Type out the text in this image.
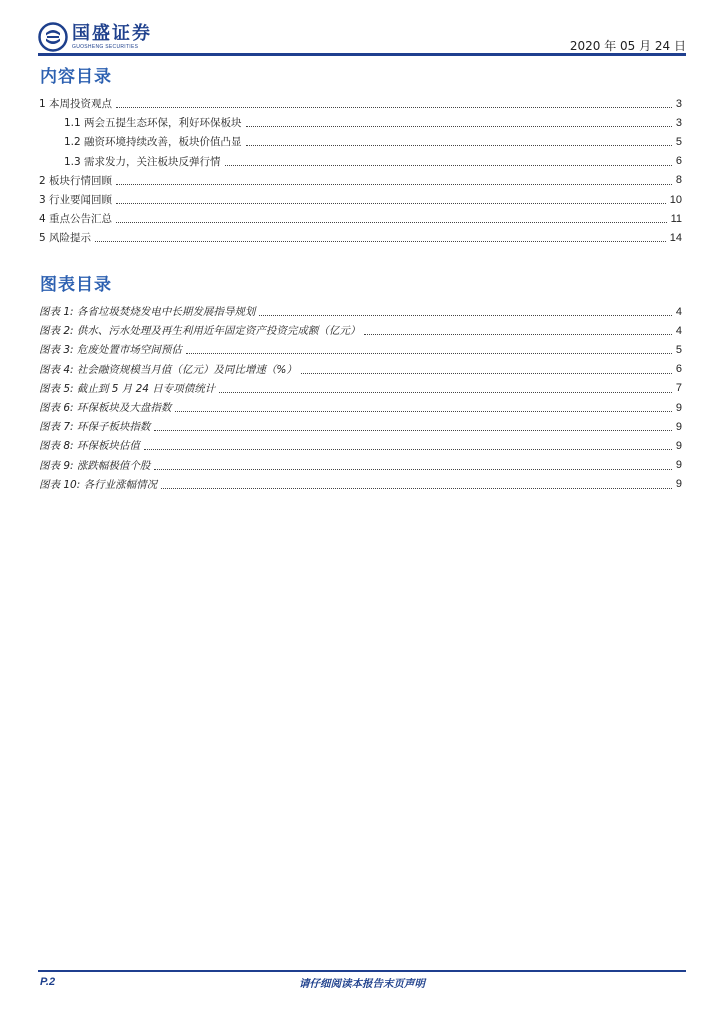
国盛证券
GUOSHENG SECURITIES	2020 年 05 月 24 日
内容目录
1 本周投资观点	3
1.1 两会五提生态环保，利好环保板块	3
1.2 融资环境持续改善，板块价值凸显	5
1.3 需求发力，关注板块反弹行情	6
2 板块行情回顾	8
3 行业要闻回顾	10
4 重点公告汇总	11
5 风险提示	14
图表目录
图表 1: 各省垃圾焚烧发电中长期发展指导规划	4
图表 2: 供水、污水处理及再生利用近年固定资产投资完成额（亿元）	4
图表 3: 危废处置市场空间预估	5
图表 4: 社会融资规模当月值（亿元）及同比增速（%）	6
图表 5: 截止到 5 月 24 日专项债统计	7
图表 6: 环保板块及大盘指数	9
图表 7: 环保子板块指数	9
图表 8: 环保板块估值	9
图表 9: 涨跌幅极值个股	9
图表 10: 各行业涨幅情况	9
请仔细阅读本报告末页声明
P.2
